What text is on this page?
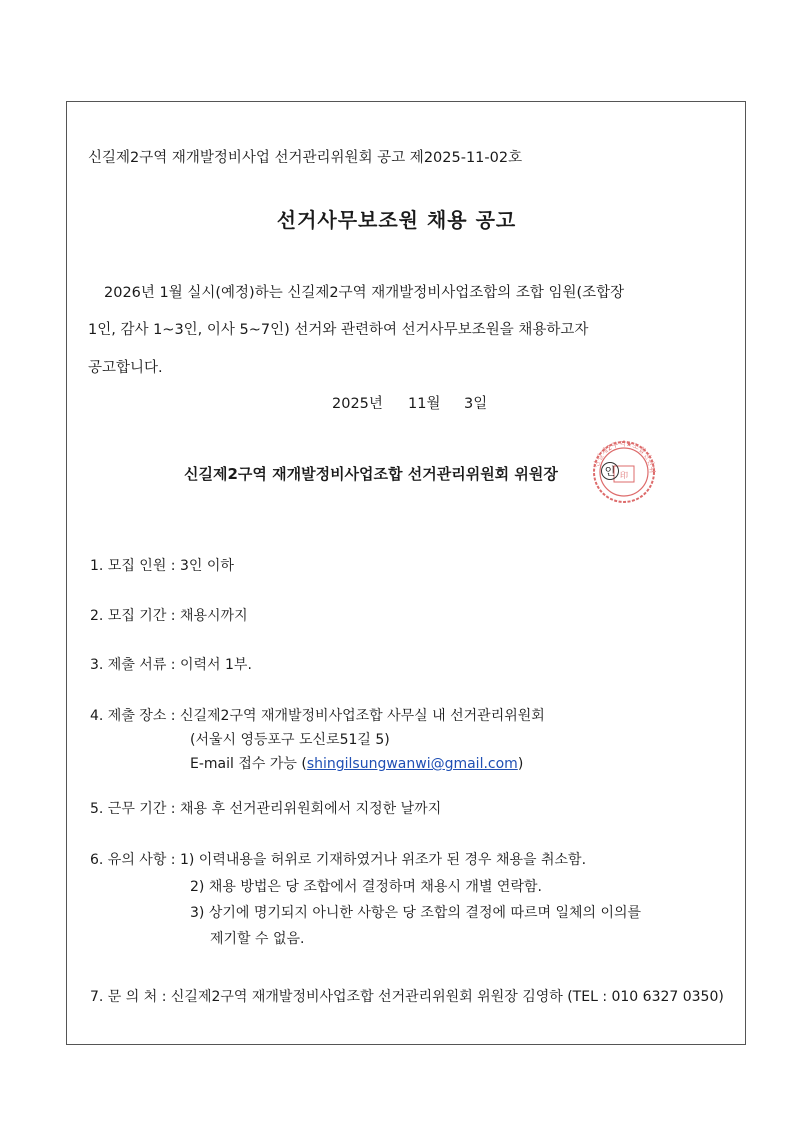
신길제2구역 재개발정비사업 선거관리위원회 공고 제2025-11-02호
선거사무보조원 채용 공고
2026년 1월 실시(예정)하는 신길제2구역 재개발정비사업조합의 조합 임원(조합장
1인, 감사 1~3인, 이사 5~7인) 선거와 관련하여 선거사무보조원을 채용하고자
공고합니다.
2025년 11월 3일
신길제2구역★조합선관위
印
신길제2구역 재개발정비사업조합 선거관리위원회 위원장	인
1. 모집 인원 : 3인 이하
2. 모집 기간 : 채용시까지
3. 제출 서류 : 이력서 1부.
4. 제출 장소 : 신길제2구역 재개발정비사업조합 사무실 내 선거관리위원회
(서울시 영등포구 도신로51길 5)
E-mail 접수 가능 (shingilsungwanwi@gmail.com)
5. 근무 기간 : 채용 후 선거관리위원회에서 지정한 날까지
6. 유의 사항 : 1) 이력내용을 허위로 기재하였거나 위조가 된 경우 채용을 취소함.
2) 채용 방법은 당 조합에서 결정하며 채용시 개별 연락함.
3) 상기에 명기되지 아니한 사항은 당 조합의 결정에 따르며 일체의 이의를
제기할 수 없음.
7. 문 의 처 : 신길제2구역 재개발정비사업조합 선거관리위원회 위원장 김영하 (TEL : 010 6327 0350)
